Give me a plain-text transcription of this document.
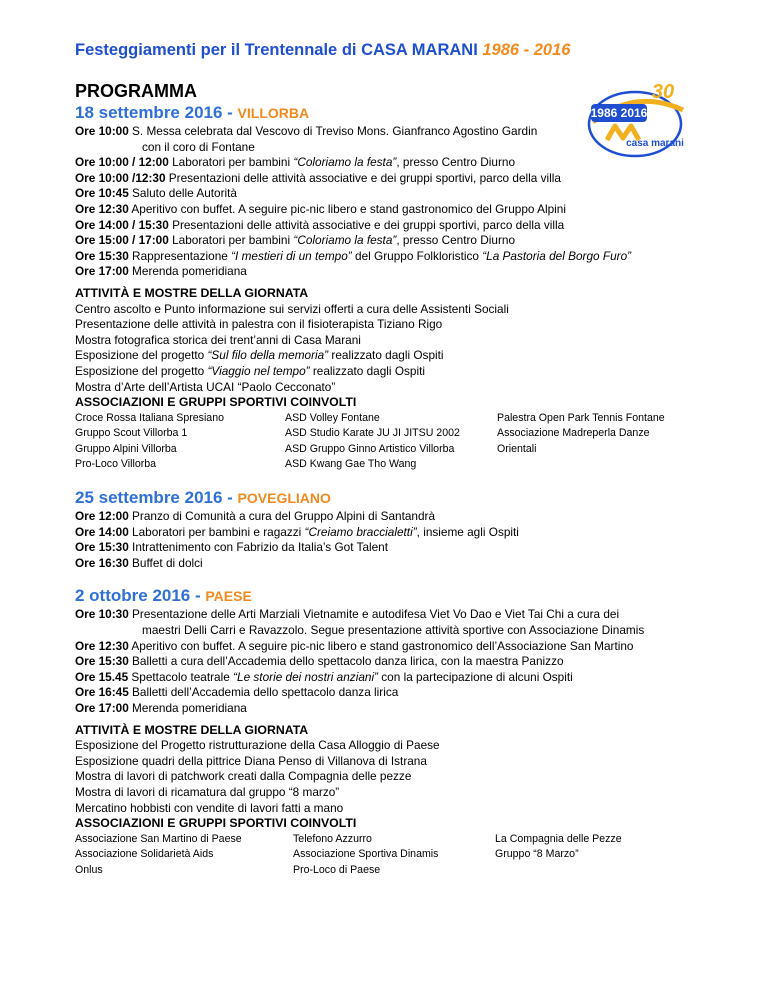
Festeggiamenti per il Trentennale di CASA MARANI 1986 - 2016
PROGRAMMA
18 settembre 2016 - VILLORBA
Ore 10:00 S. Messa celebrata dal Vescovo di Treviso Mons. Gianfranco Agostino Gardin
con il coro di Fontane
Ore 10:00 / 12:00 Laboratori per bambini “Coloriamo la festa”, presso Centro Diurno
Ore 10:00 /12:30 Presentazioni delle attività associative e dei gruppi sportivi, parco della villa
Ore 10:45 Saluto delle Autorità
Ore 12:30 Aperitivo con buffet. A seguire pic-nic libero e stand gastronomico del Gruppo Alpini
Ore 14:00 / 15:30 Presentazioni delle attività associative e dei gruppi sportivi, parco della villa
Ore 15:00 / 17:00 Laboratori per bambini “Coloriamo la festa”, presso Centro Diurno
Ore 15:30 Rappresentazione “I mestieri di un tempo” del Gruppo Folkloristico “La Pastoria del Borgo Furo”
Ore 17:00 Merenda pomeridiana
ATTIVITÀ E MOSTRE DELLA GIORNATA
Centro ascolto e Punto informazione sui servizi offerti a cura delle Assistenti Sociali
Presentazione delle attività in palestra con il fisioterapista Tiziano Rigo
Mostra fotografica storica dei trent’anni di Casa Marani
Esposizione del progetto “Sul filo della memoria” realizzato dagli Ospiti
Esposizione del progetto “Viaggio nel tempo” realizzato dagli Ospiti
Mostra d’Arte dell’Artista UCAI “Paolo Cecconato”
ASSOCIAZIONI E GRUPPI SPORTIVI COINVOLTI
Croce Rossa Italiana Spresiano
Gruppo Scout Villorba 1
Gruppo Alpini Villorba
Pro-Loco Villorba
ASD Volley Fontane
ASD Studio Karate JU JI JITSU 2002
ASD Gruppo Ginno Artistico Villorba
ASD Kwang Gae Tho Wang
Palestra Open Park Tennis Fontane
Associazione Madreperla Danze
Orientali
25 settembre 2016 - POVEGLIANO
Ore 12:00 Pranzo di Comunità a cura del Gruppo Alpini di Santandrà
Ore 14:00 Laboratori per bambini e ragazzi “Creiamo braccialetti”, insieme agli Ospiti
Ore 15:30 Intrattenimento con Fabrizio da Italia’s Got Talent
Ore 16:30 Buffet di dolci
2 ottobre 2016 - PAESE
Ore 10:30 Presentazione delle Arti Marziali Vietnamite e autodifesa Viet Vo Dao e Viet Tai Chi a cura dei
maestri Delli Carri e Ravazzolo. Segue presentazione attività sportive con Associazione Dinamis
Ore 12:30 Aperitivo con buffet. A seguire pic-nic libero e stand gastronomico dell’Associazione San Martino
Ore 15:30 Balletti a cura dell’Accademia dello spettacolo danza lirica, con la maestra Panizzo
Ore 15.45 Spettacolo teatrale “Le storie dei nostri anziani” con la partecipazione di alcuni Ospiti
Ore 16:45 Balletti dell’Accademia dello spettacolo danza lirica
Ore 17:00 Merenda pomeridiana
ATTIVITÀ E MOSTRE DELLA GIORNATA
Esposizione del Progetto ristrutturazione della Casa Alloggio di Paese
Esposizione quadri della pittrice Diana Penso di Villanova di Istrana
Mostra di lavori di patchwork creati dalla Compagnia delle pezze
Mostra di lavori di ricamatura dal gruppo “8 marzo”
Mercatino hobbisti con vendite di lavori fatti a mano
ASSOCIAZIONI E GRUPPI SPORTIVI COINVOLTI
Associazione San Martino di Paese
Associazione Solidarietà Aids
Onlus
Telefono Azzurro
Associazione Sportiva Dinamis
Pro-Loco di Paese
La Compagnia delle Pezze
Gruppo “8 Marzo”
1986 2016
30
casa marani
